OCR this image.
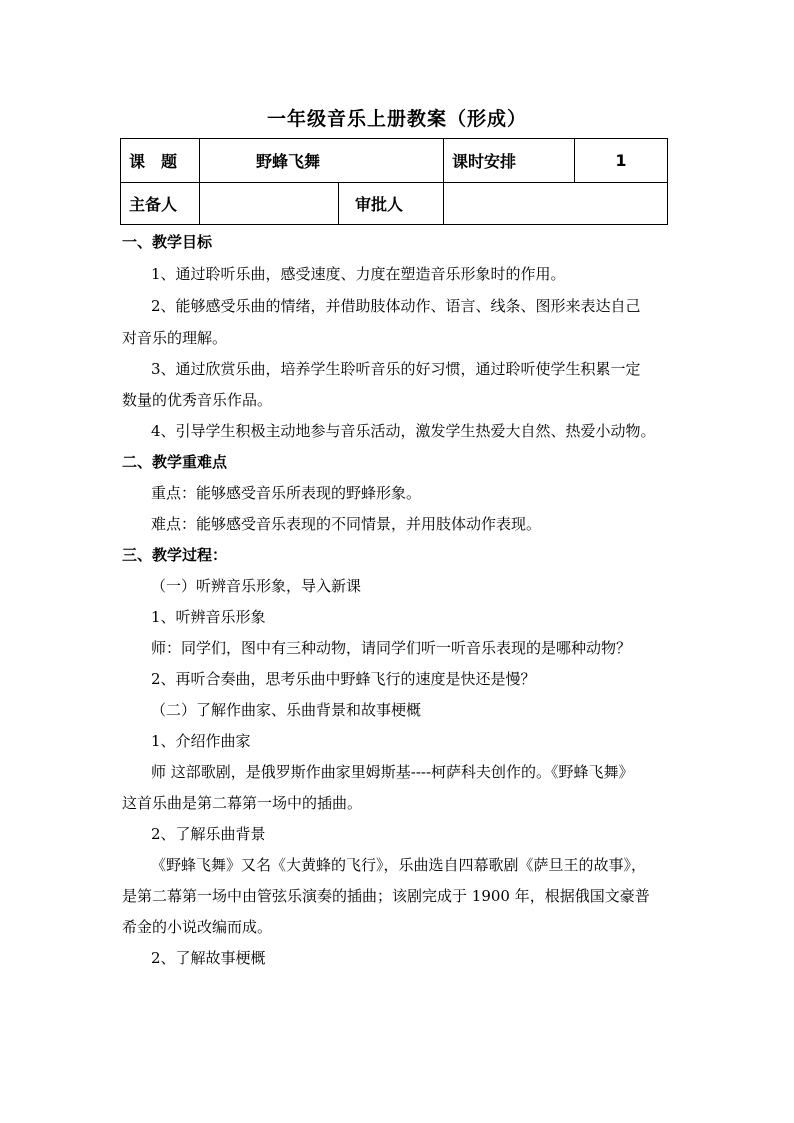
一年级音乐上册教案（形成）
课　题	野蜂飞舞		课时安排	1
主备人		审批人		
一、教学目标
1、通过聆听乐曲，感受速度、力度在塑造音乐形象时的作用。
2、能够感受乐曲的情绪，并借助肢体动作、语言、线条、图形来表达自己
对音乐的理解。
3、通过欣赏乐曲，培养学生聆听音乐的好习惯，通过聆听使学生积累一定
数量的优秀音乐作品。
4、引导学生积极主动地参与音乐活动，激发学生热爱大自然、热爱小动物。
二、教学重难点
重点：能够感受音乐所表现的野蜂形象。
难点：能够感受音乐表现的不同情景，并用肢体动作表现。
三、教学过程：
（一）听辨音乐形象，导入新课
1、听辨音乐形象
师：同学们，图中有三种动物，请同学们听一听音乐表现的是哪种动物？
2、再听合奏曲，思考乐曲中野蜂飞行的速度是快还是慢？
（二）了解作曲家、乐曲背景和故事梗概
1、介绍作曲家
师 这部歌剧，是俄罗斯作曲家里姆斯基----柯萨科夫创作的。《野蜂飞舞》
这首乐曲是第二幕第一场中的插曲。
2、了解乐曲背景
《野蜂飞舞》又名《大黄蜂的飞行》，乐曲选自四幕歌剧《萨旦王的故事》，
是第二幕第一场中由管弦乐演奏的插曲；该剧完成于 1900 年，根据俄国文豪普
希金的小说改编而成。
2、了解故事梗概
